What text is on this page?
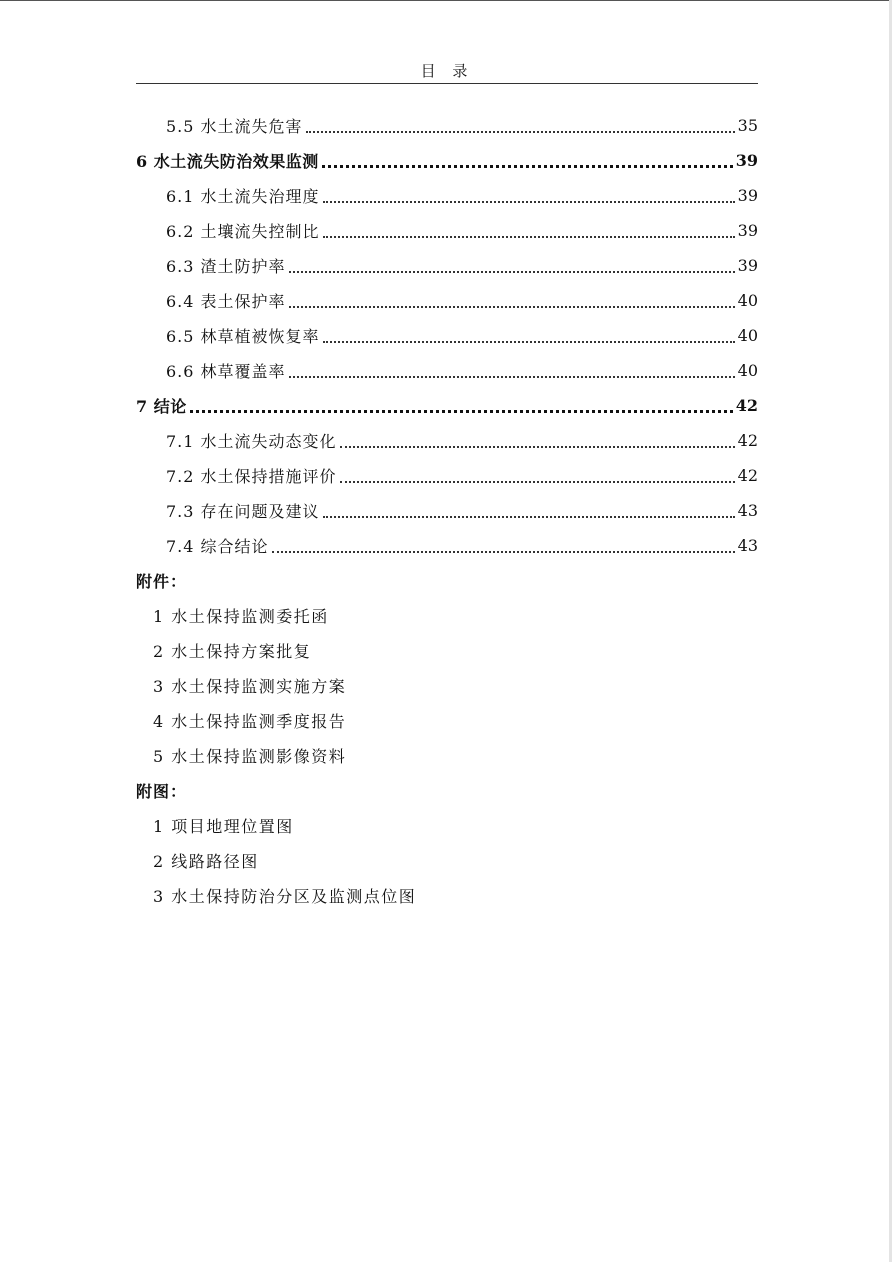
目 录
5.5 水土流失危害	35
6 水土流失防治效果监测	39
6.1 水土流失治理度	39
6.2 土壤流失控制比	39
6.3 渣土防护率	39
6.4 表土保护率	40
6.5 林草植被恢复率	40
6.6 林草覆盖率	40
7 结论	42
7.1 水土流失动态变化	42
7.2 水土保持措施评价	42
7.3 存在问题及建议	43
7.4 综合结论	43
附件：
1 水土保持监测委托函
2 水土保持方案批复
3 水土保持监测实施方案
4 水土保持监测季度报告
5 水土保持监测影像资料
附图：
1 项目地理位置图
2 线路路径图
3 水土保持防治分区及监测点位图
